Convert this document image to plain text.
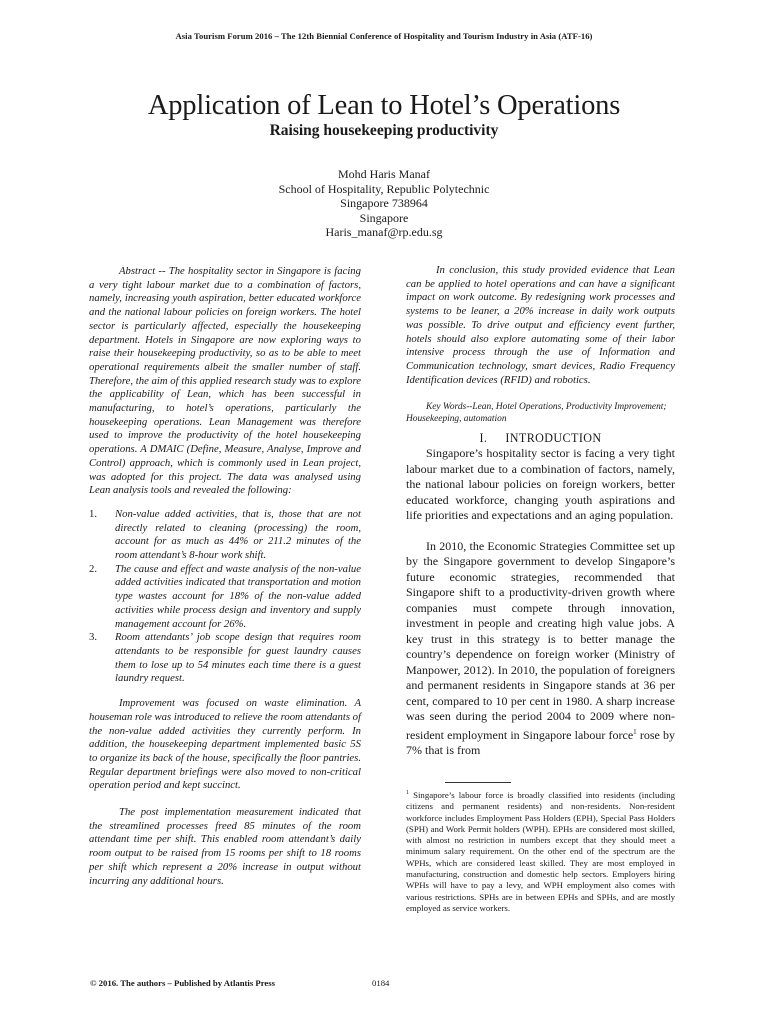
Asia Tourism Forum 2016 – The 12th Biennial Conference of Hospitality and Tourism Industry in Asia (ATF-16)
Application of Lean to Hotel’s Operations
Raising housekeeping productivity
Mohd Haris Manaf
School of Hospitality, Republic Polytechnic
Singapore 738964
Singapore
Haris_manaf@rp.edu.sg

Abstract -- The hospitality sector in Singapore is facing a very tight labour market due to a combination of factors, namely, increasing youth aspiration, better educated workforce and the national labour policies on foreign workers. The hotel sector is particularly affected, especially the housekeeping department. Hotels in Singapore are now exploring ways to raise their housekeeping productivity, so as to be able to meet operational requirements albeit the smaller number of staff. Therefore, the aim of this applied research study was to explore the applicability of Lean, which has been successful in manufacturing, to hotel’s operations, particularly the housekeeping operations. Lean Management was therefore used to improve the productivity of the hotel housekeeping operations. A DMAIC (Define, Measure, Analyse, Improve and Control) approach, which is commonly used in Lean project, was adopted for this project. The data was analysed using Lean analysis tools and revealed the following:

1.	Non-value added activities, that is, those that are not directly related to cleaning (processing) the room, account for as much as 44% or 211.2 minutes of the room attendant’s 8-hour work shift.
2.	The cause and effect and waste analysis of the non-value added activities indicated that transportation and motion type wastes account for 18% of the non-value added activities while process design and inventory and supply management account for 26%.
3.	Room attendants’ job scope design that requires room attendants to be responsible for guest laundry causes them to lose up to 54 minutes each time there is a guest laundry request.

Improvement was focused on waste elimination. A houseman role was introduced to relieve the room attendants of the non-value added activities they currently perform. In addition, the housekeeping department implemented basic 5S to organize its back of the house, specifically the floor pantries. Regular department briefings were also moved to non-critical operation period and kept succinct.

The post implementation measurement indicated that the streamlined processes freed 85 minutes of the room attendant time per shift. This enabled room attendant’s daily room output to be raised from 15 rooms per shift to 18 rooms per shift which represent a 20% increase in output without incurring any additional hours.

In conclusion, this study provided evidence that Lean can be applied to hotel operations and can have a significant impact on work outcome. By redesigning work processes and systems to be leaner, a 20% increase in daily work outputs was possible. To drive output and efficiency event further, hotels should also explore automating some of their labor intensive process through the use of Information and Communication technology, smart devices, Radio Frequency Identification devices (RFID) and robotics.

Key Words--Lean, Hotel Operations, Productivity Improvement; Housekeeping, automation

I. INTRODUCTION

Singapore’s hospitality sector is facing a very tight labour market due to a combination of factors, namely, the national labour policies on foreign workers, better educated workforce, changing youth aspirations and life priorities and expectations and an aging population.

In 2010, the Economic Strategies Committee set up by the Singapore government to develop Singapore’s future economic strategies, recommended that Singapore shift to a productivity-driven growth where companies must compete through innovation, investment in people and creating high value jobs. A key trust in this strategy is to better manage the country’s dependence on foreign worker (Ministry of Manpower, 2012). In 2010, the population of foreigners and permanent residents in Singapore stands at 36 per cent, compared to 10 per cent in 1980. A sharp increase was seen during the period 2004 to 2009 where non-resident employment in Singapore labour force$^1$ rose by 7% that is from

$^1$ Singapore’s labour force is broadly classified into residents (including citizens and permanent residents) and non-residents. Non-resident workforce includes Employment Pass Holders (EPH), Special Pass Holders (SPH) and Work Permit holders (WPH). EPHs are considered most skilled, with almost no restriction in numbers except that they should meet a minimum salary requirement. On the other end of the spectrum are the WPHs, which are considered least skilled. They are most employed in manufacturing, construction and domestic help sectors. Employers hiring WPHs will have to pay a levy, and WPH employment also comes with various restrictions. SPHs are in between EPHs and SPHs, and are mostly employed as service workers.
© 2016. The authors – Published by Atlantis Press	0184
